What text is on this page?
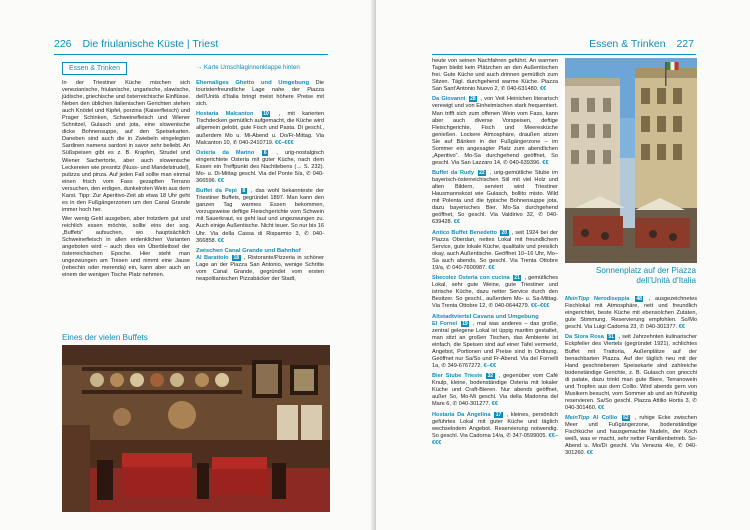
226 Die friulanische Küste | Triest
Essen & Trinken	→ Karte Umschlaginnenklappe hinten

In der Triestiner Küche mischen sich venezianische, friulanische, ungarische, slawische, jüdische, griechische und österreichische Einflüsse. Neben den üblichen italienischen Gerichten stehen auch Knödel und Kipfel, porzina (Kaiserfleisch) und Prager Schinken, Schweinefleisch und Wiener Schnitzel, Gulasch und jota, eine slowenische dicke Bohnensuppe, auf den Speisekarten. Daneben sind auch die in Zwiebeln eingelegten Sardinen namens sardoni in savor sehr beliebt. An Süßspeisen gibt es z. B. Krapfen, Strudel und Wiener Sachertorte, aber auch slowenische Leckereien wie presnitz (Nuss- und Mandelstrudel), putizza und pinza. Auf jeden Fall sollte man einmal einen frisch vom Fass gezapften Terrano versuchen, den erdigen, dunkelroten Wein aus dem Karst. Tipp: Zur Aperitivo-Zeit ab etwa 18 Uhr geht es in den Fußgängerzonen um den Canal Grande immer hoch her.

Wer wenig Geld ausgeben, aber trotzdem gut und reichlich essen möchte, sollte eins der sog. „Buffets“ aufsuchen, wo hauptsächlich Schweinefleisch in allen erdenklichen Varianten angeboten wird – auch dies ein Überbleibsel der österreichischen Epoche. Hier steht man ungezwungen am Tresen und nimmt eine Jause (rebechin oder merenda) ein, kann aber auch an einem der wenigen Tische Platz nehmen.

Eines der vielen Buffets
Ehemaliges Ghetto und Umgebung Die touristenfreundliche Lage nahe der Piazza dell’Unità d’Italia bringt meist höhere Preise mit sich.
Hostaria Malcanton 10 , mit karierten Tischdecken gemütlich aufgemacht, die Küche wird allgemein gelobt, gute Fisch und Pasta. Di geschl., außerdem Mo u. Mi-Abend u. Do/Fr-Mittag. Via Malcanton 10, ✆ 040-2410719. €€–€€€
Osteria da Marino 6 , urig-nostalgisch eingerichtete Osteria mit guter Küche, nach dem Essen ein Treffpunkt des Nachtlebens (→ S. 232). Mo- u. Di-Mittag geschl. Via del Ponte 5/a, ✆ 040-366596. €€
Buffet da Pepi 8 , das wohl bekannteste der Triestiner Buffets, gegründet 1897. Man kann den ganzen Tag warmes Essen bekommen, vorzugsweise deftige Fleischgerichte vom Schwein mit Sauerkraut, es geht laut und ungezwungen zu. Auch einige Außentische. Nicht teuer. So nur bis 16 Uhr. Via della Cassa di Risparmio 3, ✆ 040-366858. €€
Zwischen Canal Grande und Bahnhof
Al Barattolo 18 , Ristorante/Pizzeria in schöner Lage an der Piazza San Antonio, wenige Schritte vom Canal Grande, gegründet vom ersten neapolitanischen Pizzabäcker der Stadt,
Essen & Trinken 227
heute von seinen Nachfahren geführt. An warmen Tagen bleibt kein Plätzchen an den Außentischen frei. Gute Küche und auch drinnen gemütlich zum Sitzen. Tägl. durchgehend warme Küche. Piazza San Sant’Antonio Nuovo 2, ✆ 040-631480. €€
Da Giovanni 28 , von Veit Heinichen literarisch verewigt und von Einheimischen stark frequentiert. Man trifft sich zum offenen Wein vom Fass, kann aber auch diverse Vorspeisen, deftige Fleischgerichte, Fisch und Meeresküche genießen. Lockere Atmosphäre, draußen sitzen Sie auf Bänken in der Fußgängerzone – im Sommer ein angesagter Platz zum abendlichen „Aperitivo“. Mo-Sa durchgehend geöffnet, So geschl. Via San Lazzaro 14, ✆ 040-639396. €€
Buffet da Rudy 22 , urig-gemütliche Stube im bayerisch-österreichischen Stil mit viel Holz und alten Bildern, serviert wird Triestiner Hausmannskost wie Gulasch, bollito misto. Wild mit Polenta und die typische Bohnensuppe jota, dazu bayerisches Bier. Mo-Sa durchgehend geöffnet, So geschl. Via Valdirivo 32, ✆ 040-639428. €€
Antico Buffet Benedetto 20 , seit 1924 bei der Piazza Oberdan, nettes Lokal mit freundlichem Service, gute lokale Küche, qualitativ und preislich okay, auch Außentische. Geöffnet 10–16 Uhr, Mo–Sa auch abends, So geschl. Via Trenta Ottobre 19/a, ✆ 040-7600987. €€
Sbecolez Osteria con cucina 21 , gemütliches Lokal, sehr gute Weine, gute Triestiner und istrische Küche, dazu netter Service durch den Besitzer. So geschl., außerdem Mo- u. Sa-Mittag. Via Trenta Ottobre 12, ✆ 040-0644279. €€–€€€
Altstadtviertel Cavana und Umgebung
El Fornel 19 , mal was anderes – das große, zentral gelegene Lokal ist üppig maritim gestaltet, man sitzt an großen Tischen, das Ambiente ist einfach, die Speisen sind auf einer Tafel vermerkt, Angebot, Portionen und Preise sind in Ordnung. Geöffnet nur Sa/So und Fr-Abend. Via del Fornelli 1a, ✆ 349-6767272. €–€€
Bier Stube Trieste 32 , gegenüber vom Café Knulp, kleine, bodenständige Osteria mit lokaler Küche und Craft-Bieren. Nur abends geöffnet, außer So, Mo-Mi geschl. Via della Madonna del Mare 6, ✆ 040-301277. €€
Hostaria Da Angelina 17 , kleines, persönlich geführtes Lokal mit guter Küche und täglich wechselndem Angebot. Reservierung notwendig. So geschl. Via Cadorna 14/a, ✆ 347-0599005. €€–€€€
Sonnenplatz auf der Piazza
dell’Unità d’Italia
MeinTipp Nerodiseppia 48 , ausgezeichnetes Fischlokal mit Atmosphäre, nett und freundlich eingerichtet, beste Küche mit ebensolchen Zutaten, gute Stimmung. Reservierung empfohlen. So/Mo geschl. Via Luigi Cadorna 23, ✆ 040-301377. €€
Da Siora Rosa 51 , seit Jahrzehnten kulinarischer Eckpfeiler des Viertels (gegründet 1921), schlichtes Buffet mit Trattoria, Außenplätze auf der benachbarten Piazza. Auf der täglich neu mit der Hand geschriebenen Speisekarte sind zahlreiche bodenständige Gerichte, z. B. Gulasch con gnocchi di patate, dazu trinkt man gute Biere, Terranowein und Tropfen aus dem Collio. Wird abends gern von Musikern besucht, vom Sommer ab und an frühzeitig reservieren. Sa/So geschl. Piazza Attilio Hortis 3, ✆ 040-301460. €€
MeinTipp Al Collio 52 , ruhige Ecke zwischen Meer und Fußgängerzone, bodenständige Fischküche und hausgemachte Nudeln, der Koch weiß, was er macht, sehr netter Familienbetrieb. So-Abend u. Mo/Di geschl. Via Venezia 4/e, ✆ 040-301260. €€
